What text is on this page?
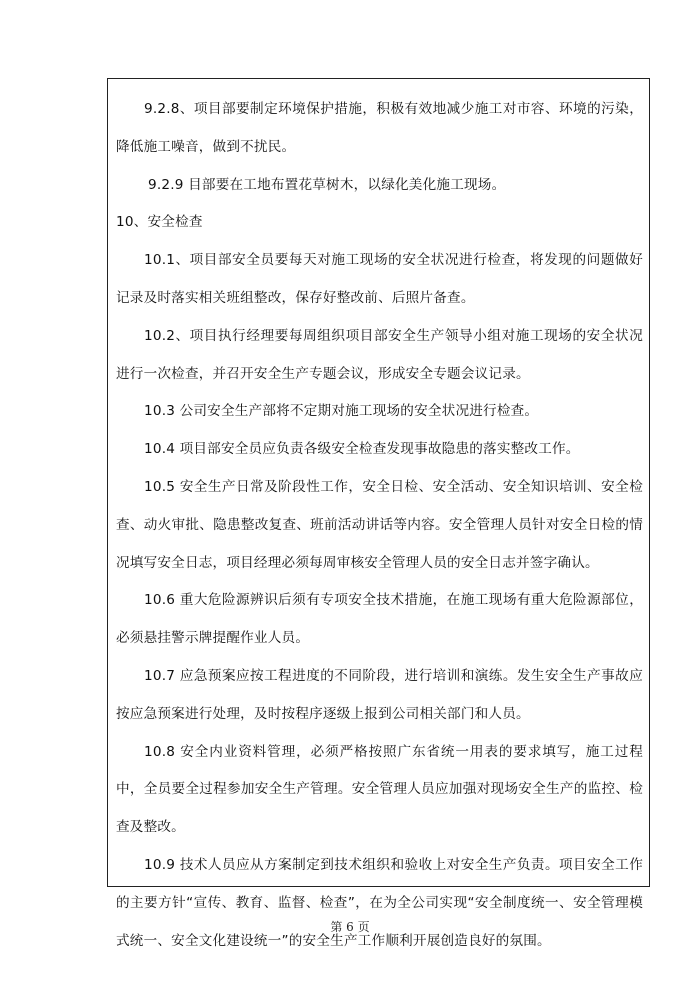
9.2.8、项目部要制定环境保护措施，积极有效地减少施工对市容、环境的污染，降低施工噪音，做到不扰民。

9.2.9 目部要在工地布置花草树木，以绿化美化施工现场。

10、安全检查

10.1、项目部安全员要每天对施工现场的安全状况进行检查，将发现的问题做好记录及时落实相关班组整改，保存好整改前、后照片备查。

10.2、项目执行经理要每周组织项目部安全生产领导小组对施工现场的安全状况进行一次检查，并召开安全生产专题会议，形成安全专题会议记录。

10.3 公司安全生产部将不定期对施工现场的安全状况进行检查。

10.4 项目部安全员应负责各级安全检查发现事故隐患的落实整改工作。

10.5 安全生产日常及阶段性工作，安全日检、安全活动、安全知识培训、安全检查、动火审批、隐患整改复查、班前活动讲话等内容。安全管理人员针对安全日检的情况填写安全日志，项目经理必须每周审核安全管理人员的安全日志并签字确认。

10.6 重大危险源辨识后须有专项安全技术措施，在施工现场有重大危险源部位，必须悬挂警示牌提醒作业人员。

10.7 应急预案应按工程进度的不同阶段，进行培训和演练。发生安全生产事故应按应急预案进行处理，及时按程序逐级上报到公司相关部门和人员。

10.8 安全内业资料管理，必须严格按照广东省统一用表的要求填写，施工过程中，全员要全过程参加安全生产管理。安全管理人员应加强对现场安全生产的监控、检查及整改。

10.9 技术人员应从方案制定到技术组织和验收上对安全生产负责。项目安全工作的主要方针“宣传、教育、监督、检查”，在为全公司实现“安全制度统一、安全管理模式统一、安全文化建设统一”的安全生产工作顺利开展创造良好的氛围。

第 6 页
